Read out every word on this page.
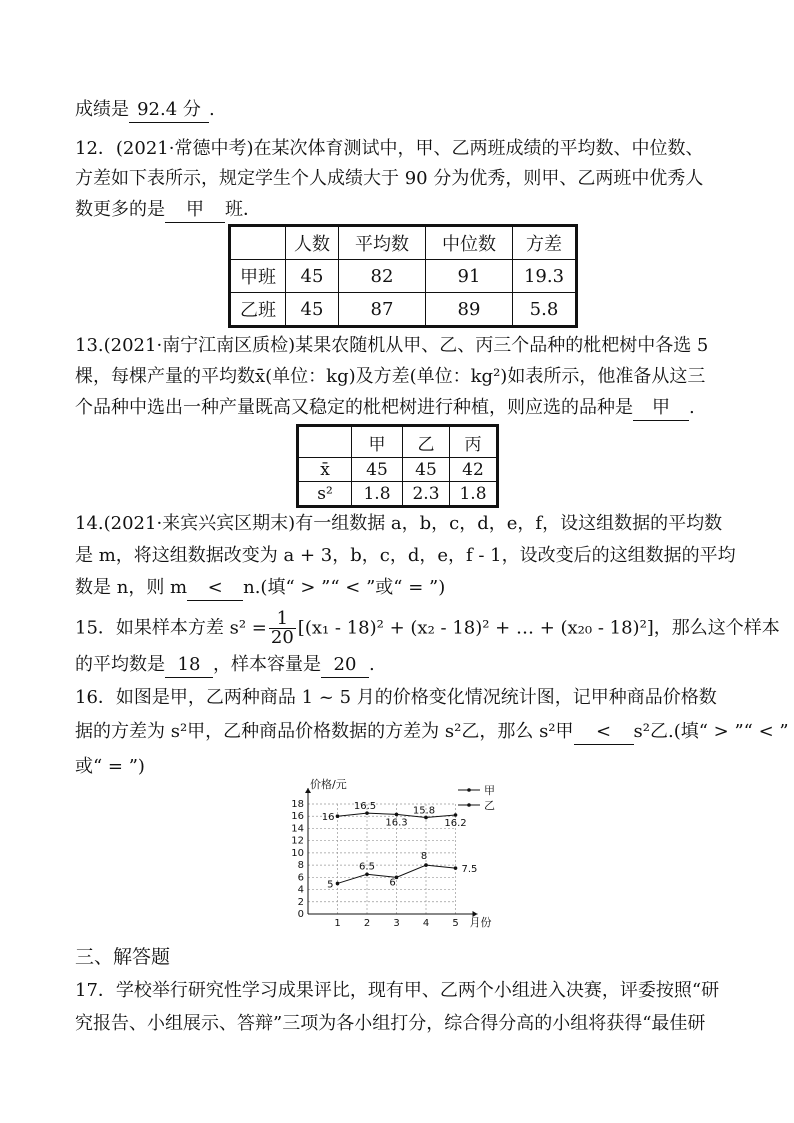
成绩是 92.4 分 .
12．(2021·常德中考)在某次体育测试中，甲、乙两班成绩的平均数、中位数、
方差如下表所示，规定学生个人成绩大于 90 分为优秀，则甲、乙两班中优秀人
数更多的是 甲 班．
	人数	平均数	中位数	方差
甲班	45	82	91	19.3
乙班	45	87	89	5.8
13.(2021·南宁江南区质检)某果农随机从甲、乙、丙三个品种的枇杷树中各选 5
棵，每棵产量的平均数x̄(单位：kg)及方差(单位：kg²)如表所示，他准备从这三
个品种中选出一种产量既高又稳定的枇杷树进行种植，则应选的品种是 甲 .
	甲	乙	丙
x̄	45	45	42
s²	1.8	2.3	1.8
14.(2021·来宾兴宾区期末)有一组数据 a，b，c，d，e，f，设这组数据的平均数
是 m，将这组数据改变为 a + 3，b，c，d，e，f - 1，设改变后的这组数据的平均
数是 n，则 m < n.(填“ > ”“ < ”或“ = ”)
15．如果样本方差 $s^2 = \frac{1}{20} [(x_1 - 18)^2 + (x_2 - 18)^2$ + … + (x₂₀ - 18)²]，那么这个样本
的平均数是 18 ，样本容量是 20 .
16．如图是甲，乙两种商品 1 ~ 5 月的价格变化情况统计图，记甲种商品价格数
据的方差为 s²甲，乙种商品价格数据的方差为 s²乙，那么 s²甲 < s²乙.(填“ > ”“ < ”
或“ = ”)
0
2
4
6
8
10
12
14
16
18
1 2 3 4 5
价格/元
月份
16
16.5
16.3
15.8
16.2
5
6.5
6
8
7.5
甲
乙
三、解答题
17．学校举行研究性学习成果评比，现有甲、乙两个小组进入决赛，评委按照“研
究报告、小组展示、答辩”三项为各小组打分，综合得分高的小组将获得“最佳研
